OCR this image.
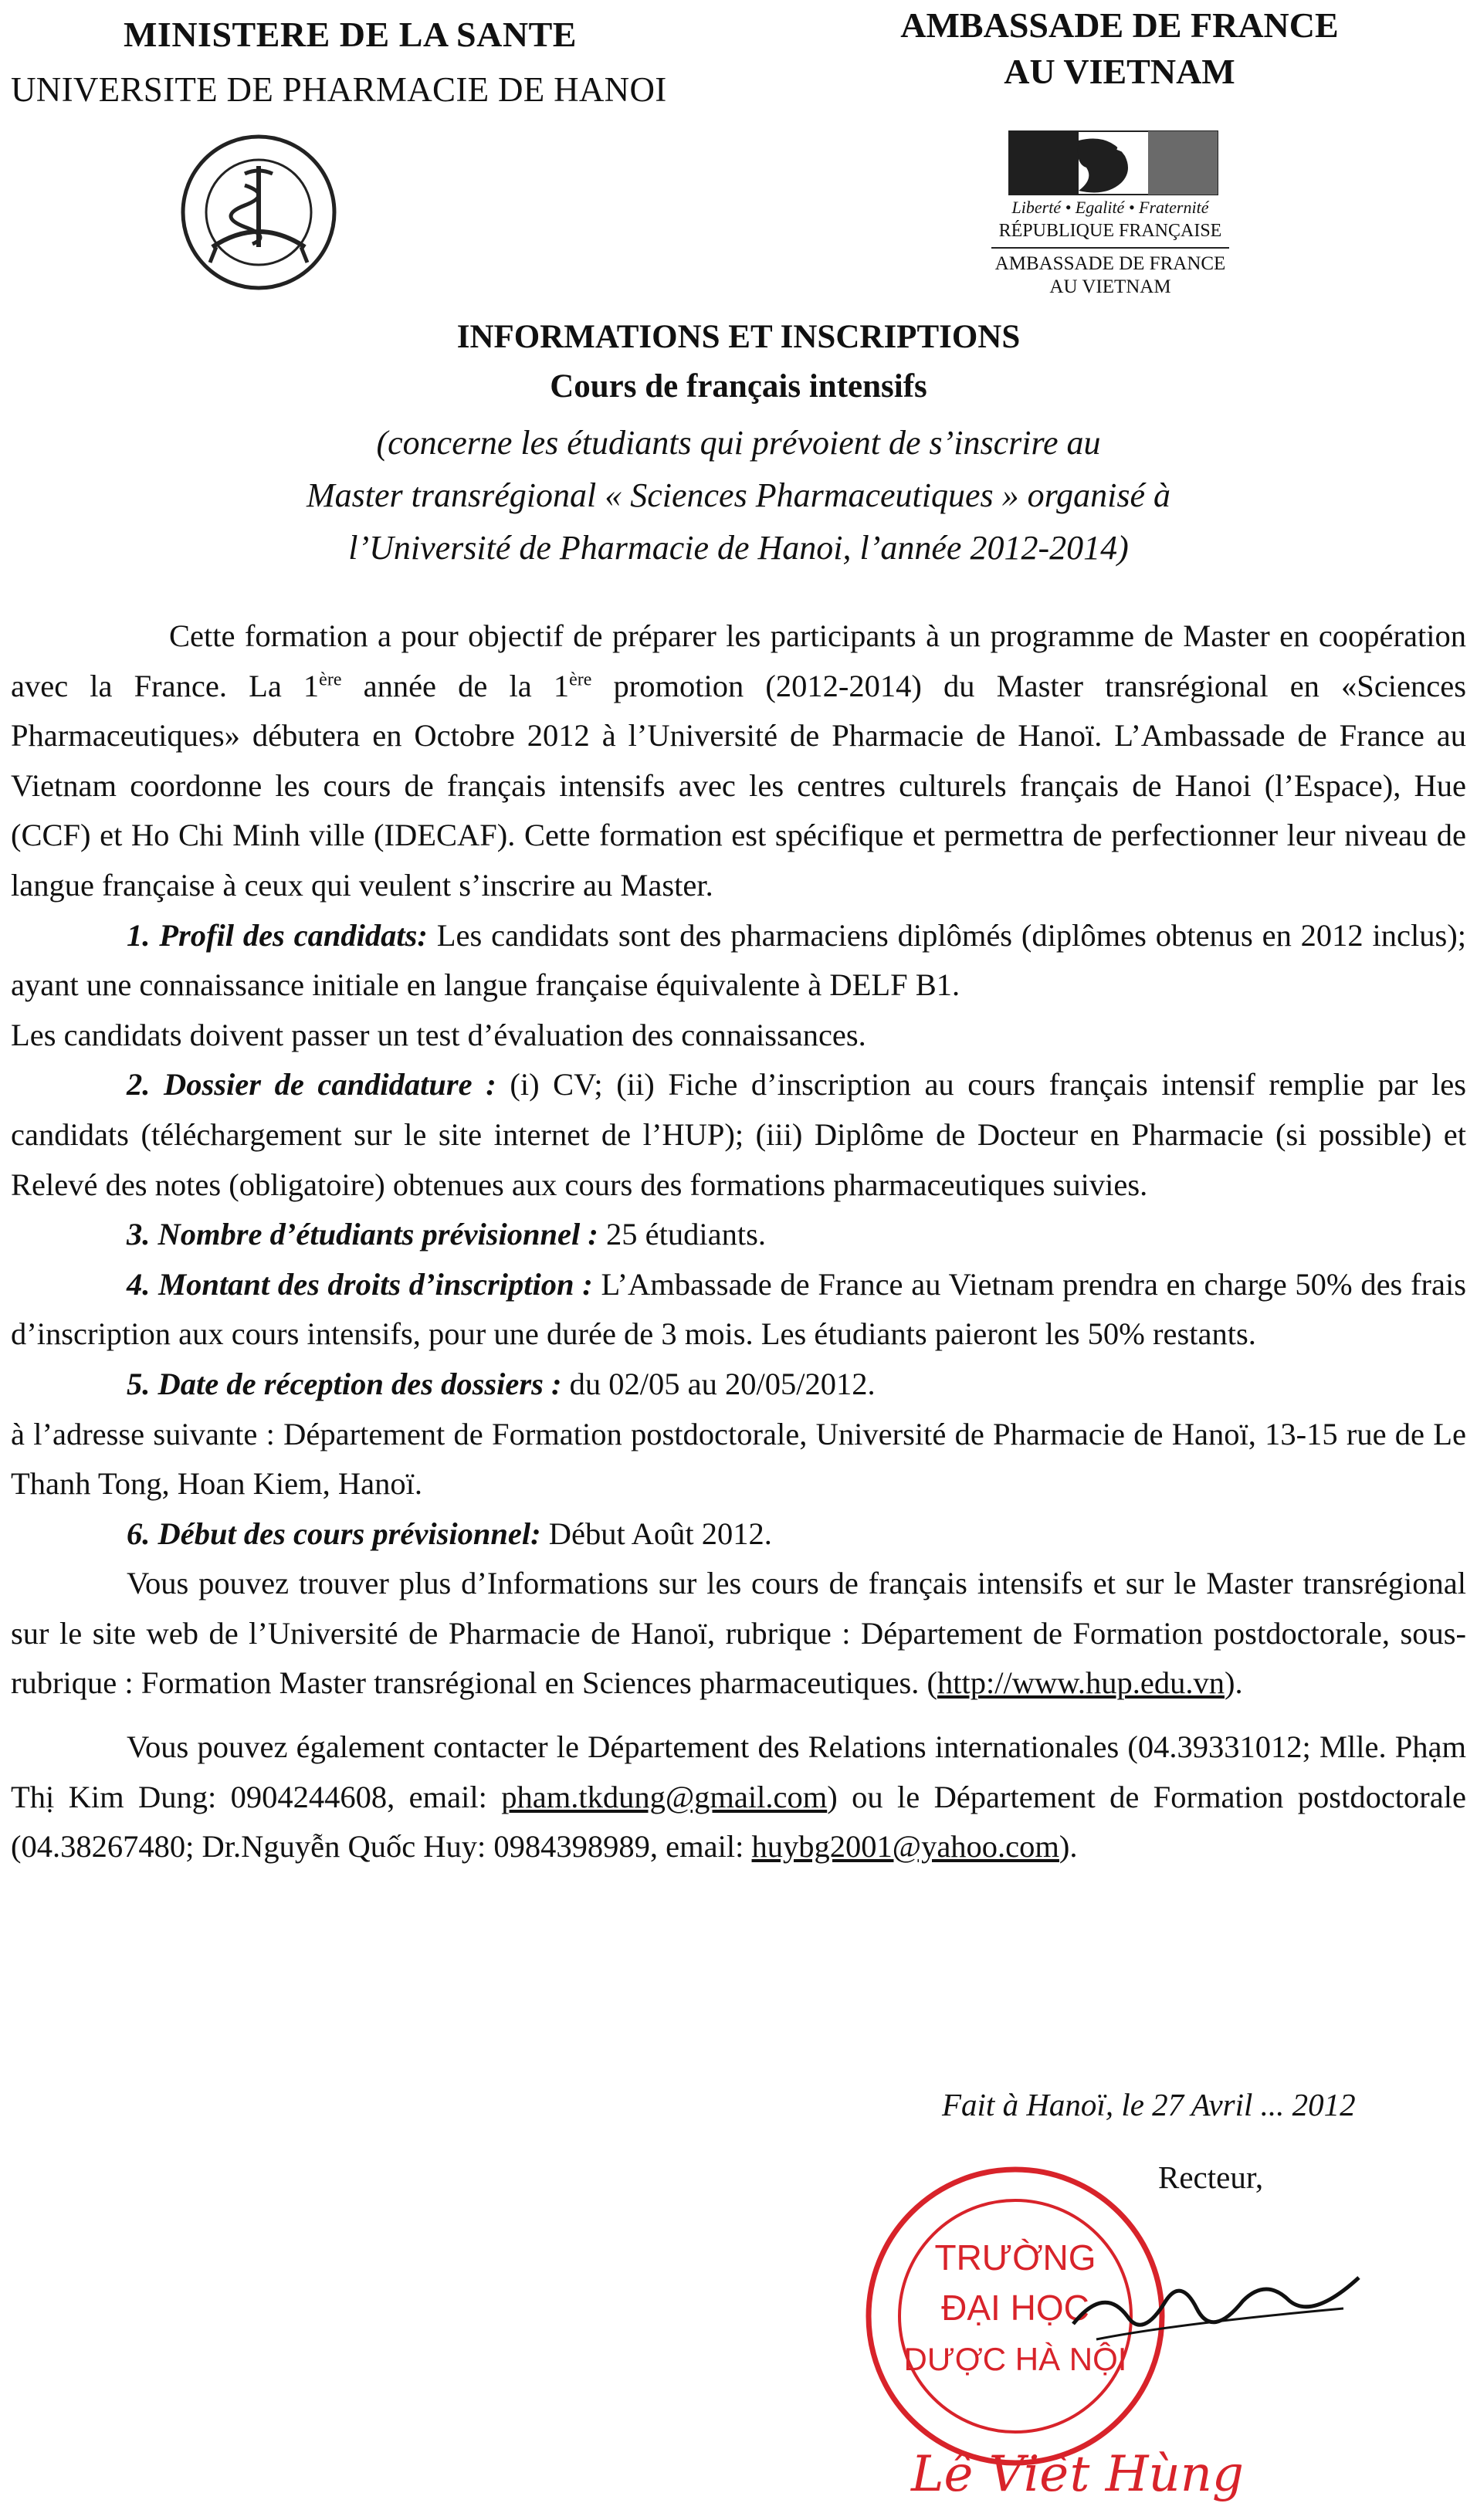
MINISTERE DE LA SANTE
UNIVERSITE DE PHARMACIE DE HANOI
AMBASSADE DE FRANCE
AU VIETNAM
Liberté • Egalité • Fraternité
RÉPUBLIQUE FRANÇAISE
AMBASSADE DE FRANCE
AU VIETNAM
INFORMATIONS ET INSCRIPTIONS
Cours de français intensifs
(concerne les étudiants qui prévoient de s’inscrire au
Master transrégional « Sciences Pharmaceutiques » organisé à
l’Université de Pharmacie de Hanoi, l’année 2012-2014)

Cette formation a pour objectif de préparer les participants à un programme de Master en coopération avec la France. La 1ère année de la 1ère promotion (2012-2014) du Master transrégional en «Sciences Pharmaceutiques» débutera en Octobre 2012 à l’Université de Pharmacie de Hanoï. L’Ambassade de France au Vietnam coordonne les cours de français intensifs avec les centres culturels français de Hanoi (l’Espace), Hue (CCF) et Ho Chi Minh ville (IDECAF). Cette formation est spécifique et permettra de perfectionner leur niveau de langue française à ceux qui veulent s’inscrire au Master.

1. Profil des candidats: Les candidats sont des pharmaciens diplômés (diplômes obtenus en 2012 inclus); ayant une connaissance initiale en langue française équivalente à DELF B1.

Les candidats doivent passer un test d’évaluation des connaissances.

2. Dossier de candidature : (i) CV; (ii) Fiche d’inscription au cours français intensif remplie par les candidats (téléchargement sur le site internet de l’HUP); (iii) Diplôme de Docteur en Pharmacie (si possible) et Relevé des notes (obligatoire) obtenues aux cours des formations pharmaceutiques suivies.

3. Nombre d’étudiants prévisionnel : 25 étudiants.

4. Montant des droits d’inscription : L’Ambassade de France au Vietnam prendra en charge 50% des frais d’inscription aux cours intensifs, pour une durée de 3 mois. Les étudiants paieront les 50% restants.

5. Date de réception des dossiers : du 02/05 au 20/05/2012.

à l’adresse suivante : Département de Formation postdoctorale, Université de Pharmacie de Hanoï, 13-15 rue de Le Thanh Tong, Hoan Kiem, Hanoï.

6. Début des cours prévisionnel: Début Août 2012.

Vous pouvez trouver plus d’Informations sur les cours de français intensifs et sur le Master transrégional sur le site web de l’Université de Pharmacie de Hanoï, rubrique : Département de Formation postdoctorale, sous-rubrique : Formation Master transrégional en Sciences pharmaceutiques. (http://www.hup.edu.vn).

Vous pouvez également contacter le Département des Relations internationales (04.39331012; Mlle. Phạm Thị Kim Dung: 0904244608, email: pham.tkdung@gmail.com) ou le Département de Formation postdoctorale (04.38267480; Dr.Nguyễn Quốc Huy: 0984398989, email: huybg2001@yahoo.com).

Fait à Hanoï, le 27 Avril ... 2012
Recteur,
TRƯỜNG
ĐẠI HỌC
DƯỢC HÀ NỘI
Lê Viết Hùng
